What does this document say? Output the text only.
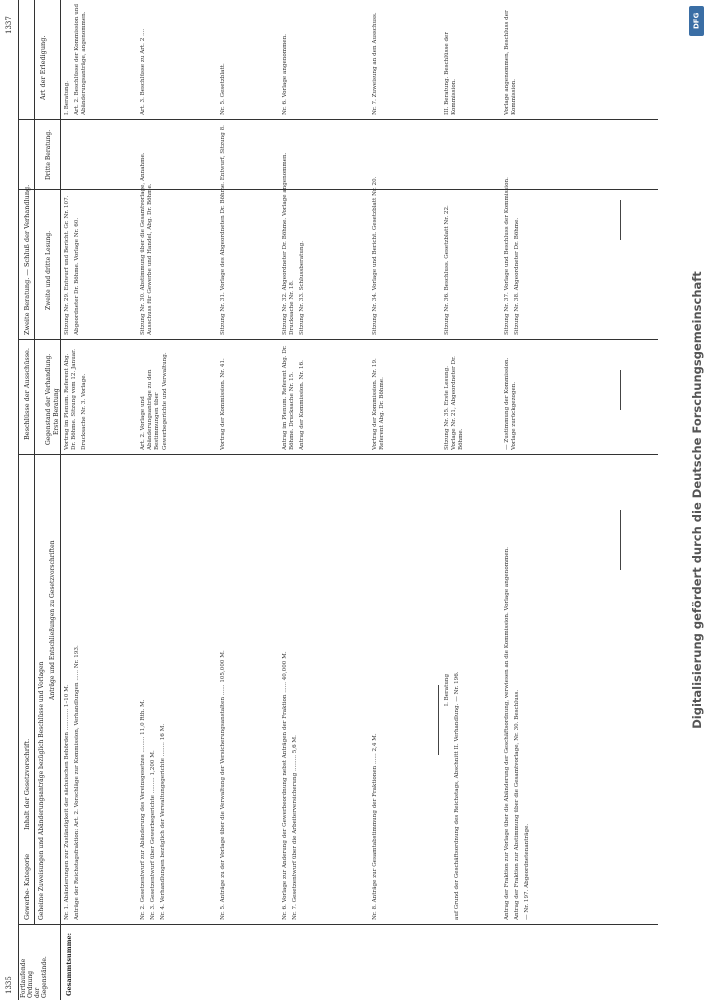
1335
1337
Fortlaufende
Ordnung
der
Gegenstände.
Gewerbe- Kategorie
Inhalt der Gesetzvorschrift. Geheime Zuweisungen und Abänderungsanträge bezüglich Beschlüsse und Vorlagen
Anträge und Entschließungen zu Gesetzvorschriften
Beschlüsse der Ausschüsse. Gegenstand der Verhandlung. Erste Beratung
Zweite Beratung. — Schluß der Verhandlung. Zweite und dritte Lesung.
Dritte Beratung.
Art der Erledigung.
Gesammtsumme:

Nr. 1. Abänderungen zur Zuständigkeit der sächsischen Behörden ............ 1–10 M. Anträge der Reichstagsfraktion: Art. 2. Vorschläge zur Kommission, Verhandlungen ...... Nr. 193.

Vortrag im Plenum. Referent Abg. Dr. Böhme. Sitzung vom 12. Januar. Drucksache Nr. 3. Vorlage.

Sitzung Nr. 29. Entwurf und Bericht. Gr. Nr. 107. Abgeordneter Dr. Böhme. Vorlage Nr. 60.

I. Beratung. Art. 2. Beschlüsse der Kommission und Abänderungsanträge, angenommen.

Nr. 2. Gesetzentwurf zur Abänderung des Vereinsgesetzes ......... 11,0 Rth. M. Nr. 3. Gesetzentwurf über Gewerbegerichte ......... 1,200 M. Nr. 4. Verhandlungen bezüglich der Verwaltungsgerichte ........ 16 M.

Art. 2. Vorlage und Abänderungsanträge zu den Bestimmungen über Gewerbegerichte und Verwaltung.

Sitzung Nr. 30. Abstimmung über die Gesamtvorlage, Annahme. Ausschuss für Gewerbe und Handel, Abg. Dr. Böhme.

Art. 3. Beschlüsse zu Art. 2 ....

Nr. 5. Anträge zu der Vorlage über die Verwaltung der Versicherungsanstalten ...... 105,000 M.

Vortrag der Kommission. Nr. 41.

Sitzung Nr. 31. Vorlage des Abgeordneten Dr. Böhme. Entwurf, Sitzung 8.

Nr. 5. Gesetzblatt.

Nr. 6. Vorlage zur Änderung der Gewerbeordnung nebst Anträgen der Fraktion ...... 40,000 M. Nr. 7. Gesetzentwurf über die Arbeiterversicherung ......... 5,6 M.

Antrag im Plenum. Referent Abg. Dr. Böhme. Drucksache Nr. 15. Antrag der Kommission. Nr. 16.

Sitzung Nr. 32. Abgeordneter Dr. Böhme. Vorlage angenommen. Drucksache Nr. 18. Sitzung Nr. 33. Schlussberatung.

Nr. 6. Vorlage angenommen.

Nr. 8. Anträge zur Gesamtabstimmung der Fraktionen ...... 2,4 M.

Vortrag der Kommission. Nr. 19. Referent Abg. Dr. Böhme.

Sitzung Nr. 34. Vorlage und Bericht. Gesetzblatt Nr. 20.

Nr. 7. Zuweisung an den Ausschuss.

I. Beratung auf Grund der Geschäftsordnung des Reichstags, Abschnitt II. Verhandlung. — Nr. 196.

Sitzung Nr. 35. Erste Lesung. Vorlage Nr. 21, Abgeordneter Dr. Böhme.

Sitzung Nr. 36. Beschluss. Gesetzblatt Nr. 22.

III. Beratung. Beschlüsse der Kommission.

Antrag der Fraktion zur Vorlage über die Abänderung der Geschäftsordnung, verwiesen an die Kommission. Vorlage angenommen. Antrag der Fraktion zur Abstimmung über die Gesamtvorlage, Nr. 30. Beschluss. — Nr. 197. Abgeordnetenanträge.

— Zustimmung der Kommission. Vorlage zurückgezogen.

Sitzung Nr. 37. Vorlage und Beschluss der Kommission. Sitzung Nr. 38. Abgeordneter Dr. Böhme.

Vorlage angenommen, Beschluss der Kommission.

Digitalisierung gefördert durch die Deutsche Forschungsgemeinschaft
DFG
